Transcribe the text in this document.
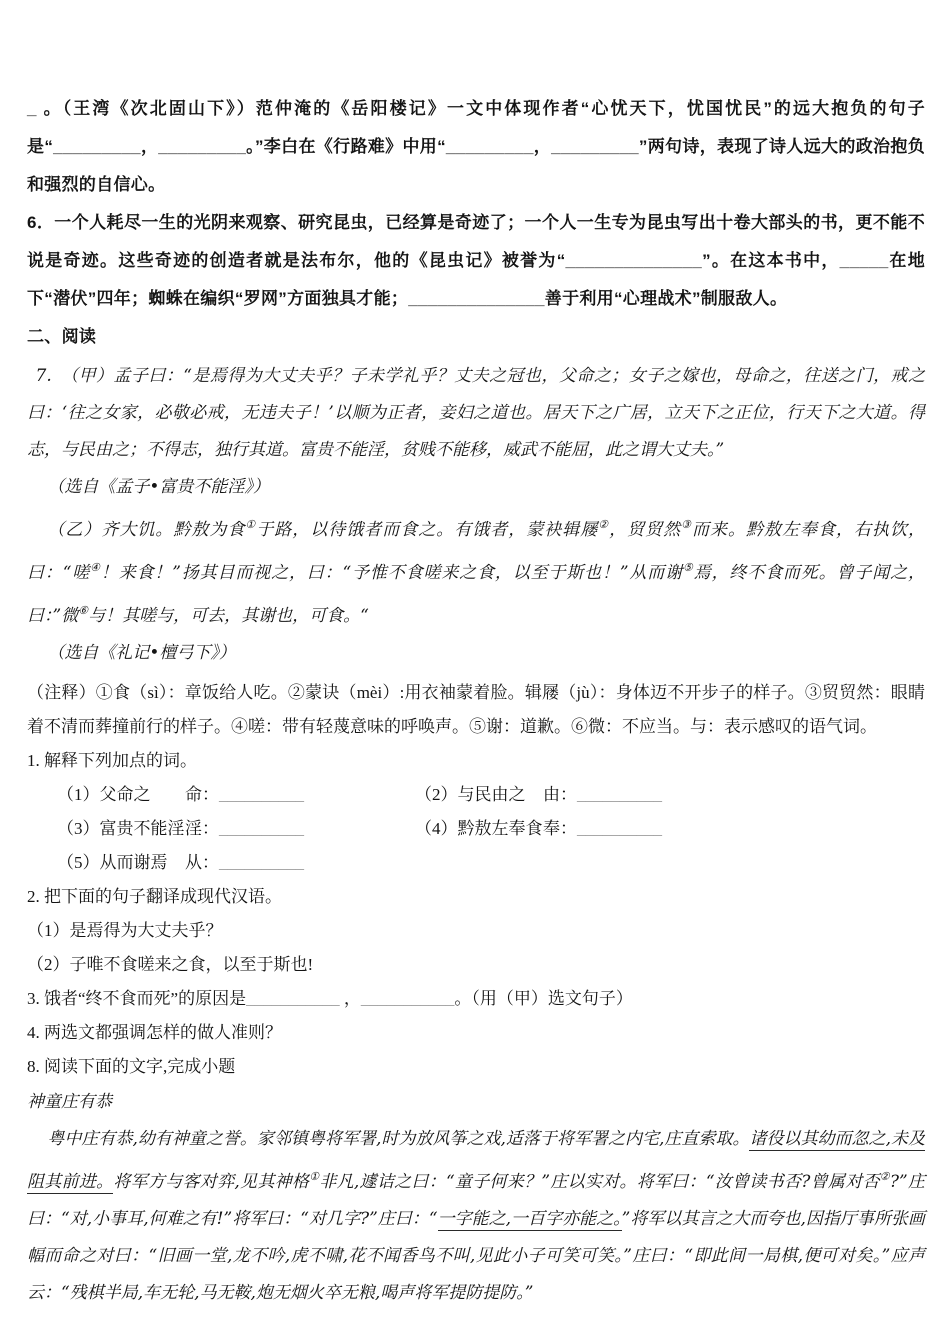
_ 。（王湾《次北固山下》）范仲淹的《岳阳楼记》一文中体现作者“心忧天下，忧国忧民”的远大抱负的句子 是“_________，_________。”李白在《行路难》中用“_________，_________”两句诗，表现了诗人远大的政治抱负和强烈的自信心。

6．一个人耗尽一生的光阴来观察、研究昆虫，已经算是奇迹了；一个人一生专为昆虫写出十卷大部头的书，更不能不说是奇迹。这些奇迹的创造者就是法布尔，他的《昆虫记》被誉为“______________”。在这本书中，_____在地下“潜伏”四年；蜘蛛在编织“罗网”方面独具才能；______________善于利用“心理战术”制服敌人。

二、阅读

7.　（甲）孟子曰：“是焉得为大丈夫乎？子未学礼乎？丈夫之冠也，父命之；女子之嫁也，母命之，往送之门，戒之曰：‘往之女家，必敬必戒，无违夫子！’以顺为正者，妾妇之道也。居天下之广居，立天下之正位，行天下之大道。得志，与民由之；不得志，独行其道。富贵不能淫，贫贱不能移，威武不能屈，此之谓大丈夫。”

（选自《孟子•富贵不能淫》）

（乙）齐大饥。黔敖为食①于路，以待饿者而食之。有饿者，蒙袂辑屦②，贸贸然③而来。黔敖左奉食，右执饮，曰：“嗟④！来食！”扬其目而视之，曰：“予惟不食嗟来之食，以至于斯也！”从而谢⑤焉，终不食而死。曾子闻之，曰：”微⑥与！其嗟与，可去，其谢也，可食。“

（选自《礼记•檀弓下》）

（注释）①食（sì）：章饭给人吃。②蒙诀（mèi）:用衣袖蒙着脸。辑屦（jù）：身体迈不开步子的样子。③贸贸然：眼睛着不清而葬撞前行的样子。④嗟：带有轻蔑意味的呼唤声。⑤谢：道歉。⑥微：不应当。与：表示感叹的语气词。

1. 解释下列加点的词。

（1）父命之 命：__________	（2）与民由之 由：__________

（3）富贵不能淫淫：__________	（4）黔敖左奉食奉：__________

（5）从而谢焉 从：__________

2. 把下面的句子翻译成现代汉语。

（1）是焉得为大丈夫乎？

（2）子唯不食嗟来之食，以至于斯也!

3. 饿者“终不食而死”的原因是___________ ，___________。（用（甲）选文句子）

4. 两选文都强调怎样的做人准则？

8. 阅读下面的文字,完成小题

神童庄有恭

粤中庄有恭,幼有神童之誉。家邻镇粤将军署,时为放风筝之戏,适落于将军署之内宅,庄直索取。诸役以其幼而忽之,未及阻其前进。将军方与客对弈,见其神格①非凡,遽诘之曰：“童子何来？”庄以实对。将军曰：“汝曾读书否?曾属对否②?”庄曰：“对,小事耳,何难之有!”将军曰：“对几字?”庄曰：“一字能之,一百字亦能之。”将军以其言之大而夸也,因指厅事所张画幅而命之对曰：“旧画一堂,龙不吟,虎不啸,花不闻香鸟不叫,见此小子可笑可笑。”庄曰：“即此间一局棋,便可对矣。”应声云：“残棋半局,车无轮,马无鞍,炮无烟火卒无粮,喝声将军提防提防。”
